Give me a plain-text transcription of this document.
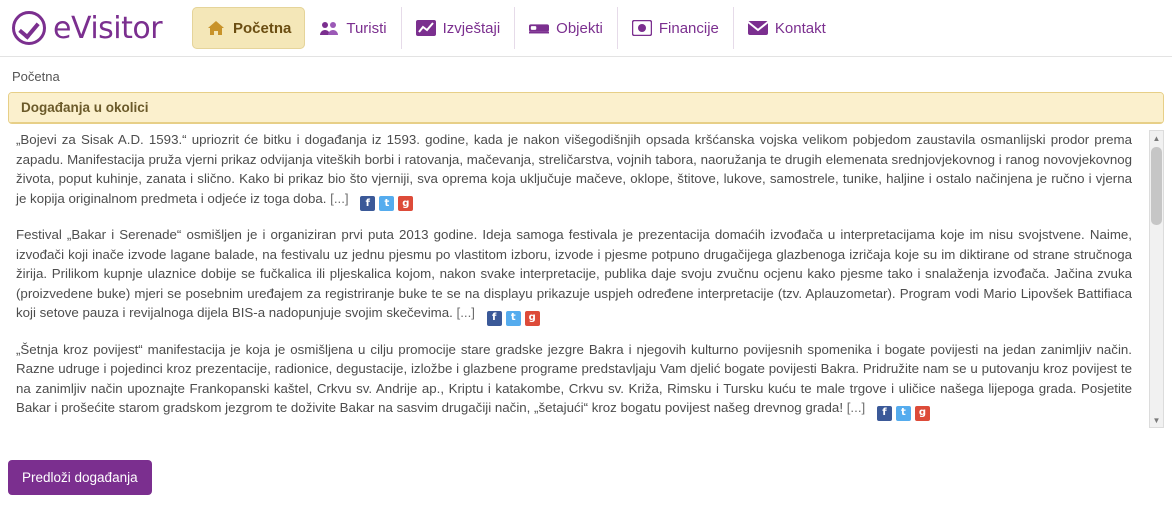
eVisitor	Početna	Turisti	Izvještaji	Objekti	Financije	Kontakt
Početna
Događanja u okolici

„Bojevi za Sisak A.D. 1593.“ upriozrit će bitku i događanja iz 1593. godine, kada je nakon višegodišnjih opsada kršćanska vojska velikom pobjedom zaustavila osmanlijski prodor prema zapadu. Manifestacija pruža vjerni prikaz odvijanja viteških borbi i ratovanja, mačevanja, streličarstva, vojnih tabora, naoružanja te drugih elemenata srednjovjekovnog i ranog novovjekovnog života, poput kuhinje, zanata i slično. Kako bi prikaz bio što vjerniji, sva oprema koja uključuje mačeve, oklope, štitove, lukove, samostrele, tunike, haljine i ostalo načinjena je ručno i vjerna je kopija originalnom predmeta i odjeće iz toga doba. [...]	f	t	g

Festival „Bakar i Serenade“ osmišljen je i organiziran prvi puta 2013 godine. Ideja samoga festivala je prezentacija domaćih izvođača u interpretacijama koje im nisu svojstvene. Naime, izvođači koji inače izvode lagane balade, na festivalu uz jednu pjesmu po vlastitom izboru, izvode i pjesme potpuno drugačijega glazbenoga izričaja koje su im diktirane od strane stručnoga žirija. Prilikom kupnje ulaznice dobije se fučkalica ili pljeskalica kojom, nakon svake interpretacije, publika daje svoju zvučnu ocjenu kako pjesme tako i snalaženja izvođača. Jačina zvuka (proizvedene buke) mjeri se posebnim uređajem za registriranje buke te se na displayu prikazuje uspjeh određene interpretacije (tzv. Aplauzometar). Program vodi Mario Lipovšek Battifiaca koji setove pauza i revijalnoga dijela BIS-a nadopunjuje svojim skečevima. [...]	f	t	g

„Šetnja kroz povijest“ manifestacija je koja je osmišljena u cilju promocije stare gradske jezgre Bakra i njegovih kulturno povijesnih spomenika i bogate povijesti na jedan zanimljiv način. Razne udruge i pojedinci kroz prezentacije, radionice, degustacije, izložbe i glazbene programe predstavljaju Vam djelić bogate povijesti Bakra. Pridružite nam se u putovanju kroz povijest te na zanimljiv način upoznajte Frankopanski kaštel, Crkvu sv. Andrije ap., Kriptu i katakombe, Crkvu sv. Križa, Rimsku i Tursku kuću te male trgove i uličice našega lijepoga grada. Posjetite Bakar i prošećite starom gradskom jezgrom te doživite Bakar na sasvim drugačiji način, „šetajući“ kroz bogatu povijest našeg drevnog grada! [...]	f	t	g

▲
▼
Predloži događanja
